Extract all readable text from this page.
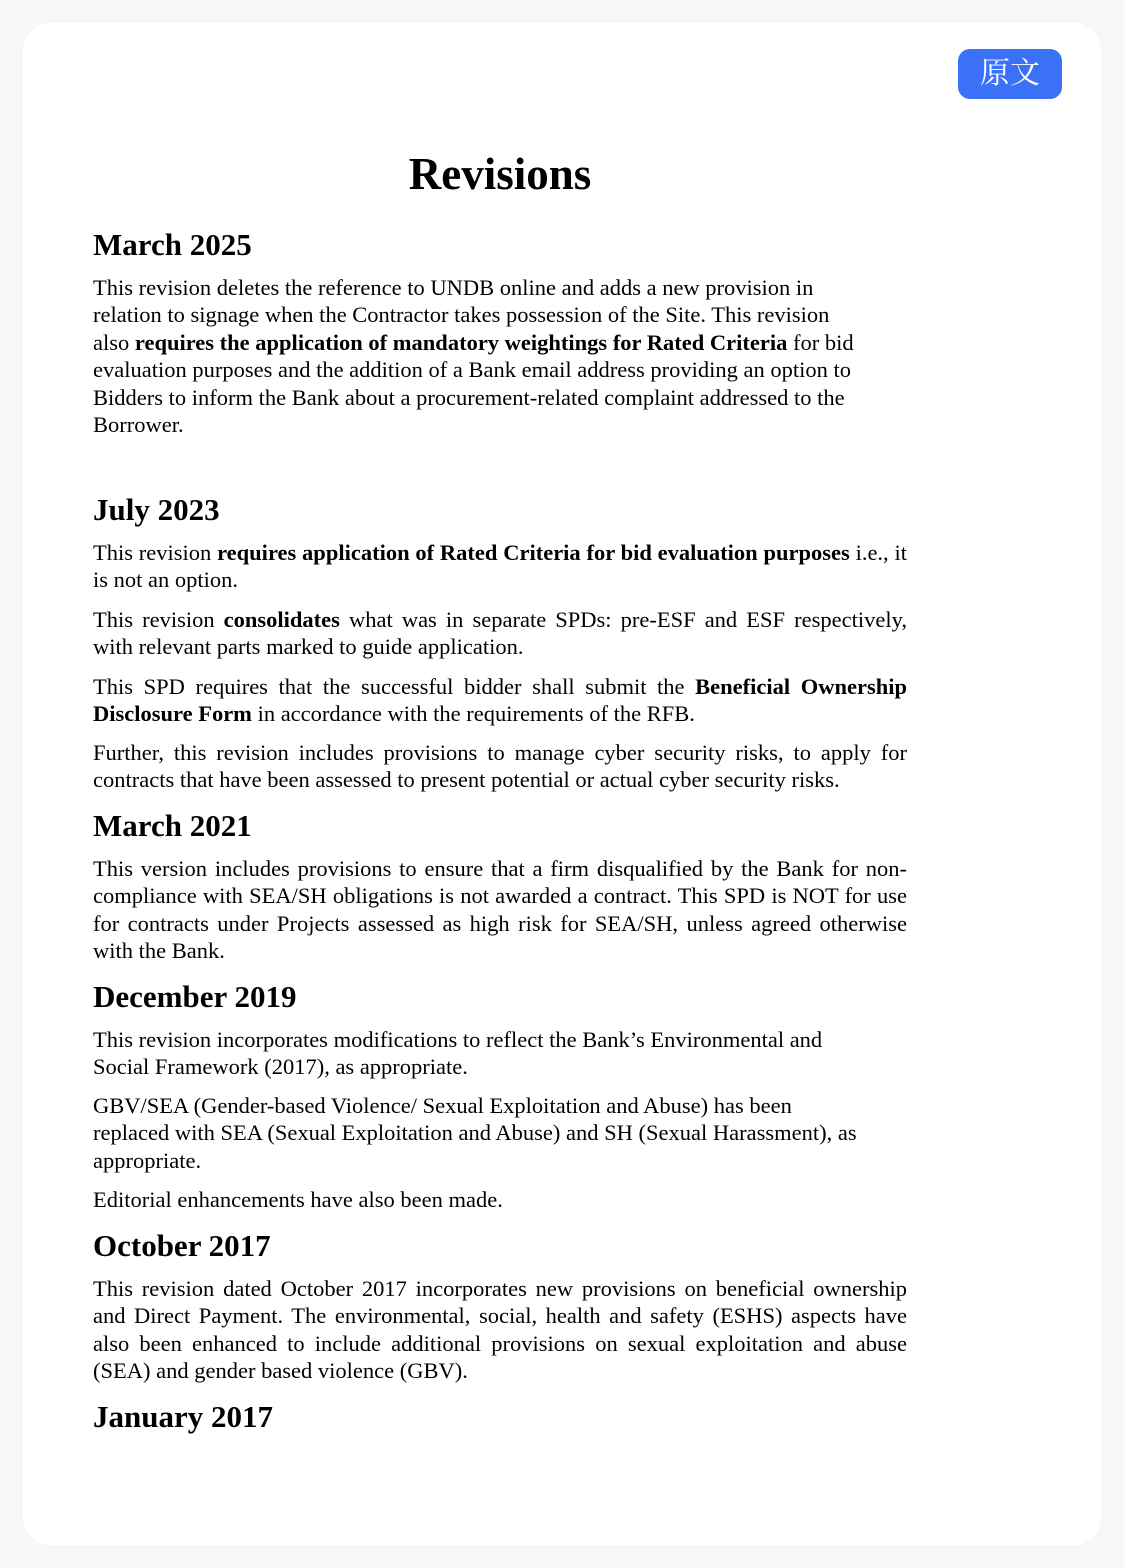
原文
Revisions
March 2025
This revision deletes the reference to UNDB online and adds a new provision in
relation to signage when the Contractor takes possession of the Site. This revision
also requires the application of mandatory weightings for Rated Criteria for bid
evaluation purposes and the addition of a Bank email address providing an option to
Bidders to inform the Bank about a procurement-related complaint addressed to the
Borrower.
July 2023

This revision requires application of Rated Criteria for bid evaluation purposes i.e., it is not an option.

This revision consolidates what was in separate SPDs: pre-ESF and ESF respectively, with relevant parts marked to guide application.

This SPD requires that the successful bidder shall submit the Beneficial Ownership Disclosure Form in accordance with the requirements of the RFB.

Further, this revision includes provisions to manage cyber security risks, to apply for contracts that have been assessed to present potential or actual cyber security risks.

March 2021

This version includes provisions to ensure that a firm disqualified by the Bank for non-compliance with SEA/SH obligations is not awarded a contract. This SPD is NOT for use for contracts under Projects assessed as high risk for SEA/SH, unless agreed otherwise with the Bank.

December 2019
This revision incorporates modifications to reflect the Bank’s Environmental and
Social Framework (2017), as appropriate.
GBV/SEA (Gender-based Violence/ Sexual Exploitation and Abuse) has been
replaced with SEA (Sexual Exploitation and Abuse) and SH (Sexual Harassment), as
appropriate.

Editorial enhancements have also been made.

October 2017

This revision dated October 2017 incorporates new provisions on beneficial ownership and Direct Payment. The environmental, social, health and safety (ESHS) aspects have also been enhanced to include additional provisions on sexual exploitation and abuse (SEA) and gender based violence (GBV).

January 2017
